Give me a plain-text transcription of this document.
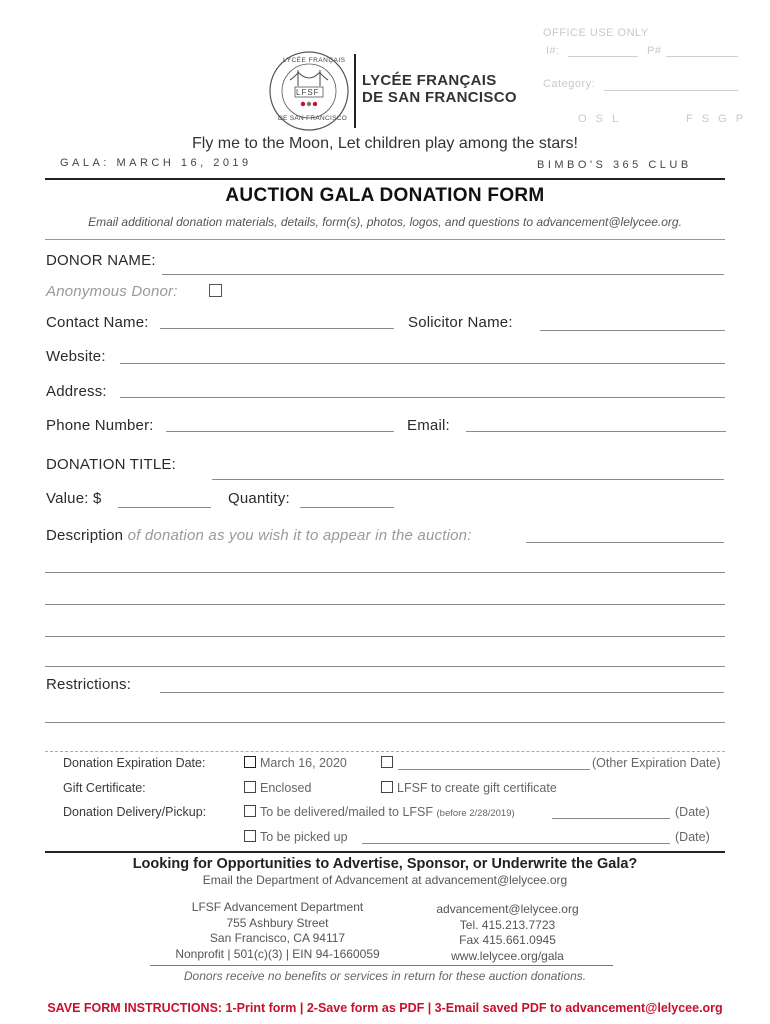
OFFICE USE ONLY
I#:	P#
Category:
O S L	F S G P
LFSF
LYCÉE FRANÇAIS
DE SAN FRANCISCO
LYCÉE FRANÇAIS
DE SAN FRANCISCO
Fly me to the Moon, Let children play among the stars!
GALA: MARCH 16, 2019	BIMBO'S 365 CLUB
AUCTION GALA DONATION FORM
Email additional donation materials, details, form(s), photos, logos, and questions to advancement@lelycee.org.
DONOR NAME:
Anonymous Donor:
Contact Name:	Solicitor Name:
Website:
Address:
Phone Number:	Email:
DONATION TITLE:
Value: $	Quantity:
Description of donation as you wish it to appear in the auction:
Restrictions:
Donation Expiration Date:	March 16, 2020	(Other Expiration Date)
Gift Certificate:	Enclosed	LFSF to create gift certificate
Donation Delivery/Pickup:	To be delivered/mailed to LFSF (before 2/28/2019)	(Date)
To be picked up	(Date)
Looking for Opportunities to Advertise, Sponsor, or Underwrite the Gala?
Email the Department of Advancement at advancement@lelycee.org
LFSF Advancement Department
755 Ashbury Street
San Francisco, CA 94117
Nonprofit | 501(c)(3) | EIN 94-1660059
advancement@lelycee.org
Tel. 415.213.7723
Fax 415.661.0945
www.lelycee.org/gala
Donors receive no benefits or services in return for these auction donations.
SAVE FORM INSTRUCTIONS: 1-Print form | 2-Save form as PDF | 3-Email saved PDF to advancement@lelycee.org
